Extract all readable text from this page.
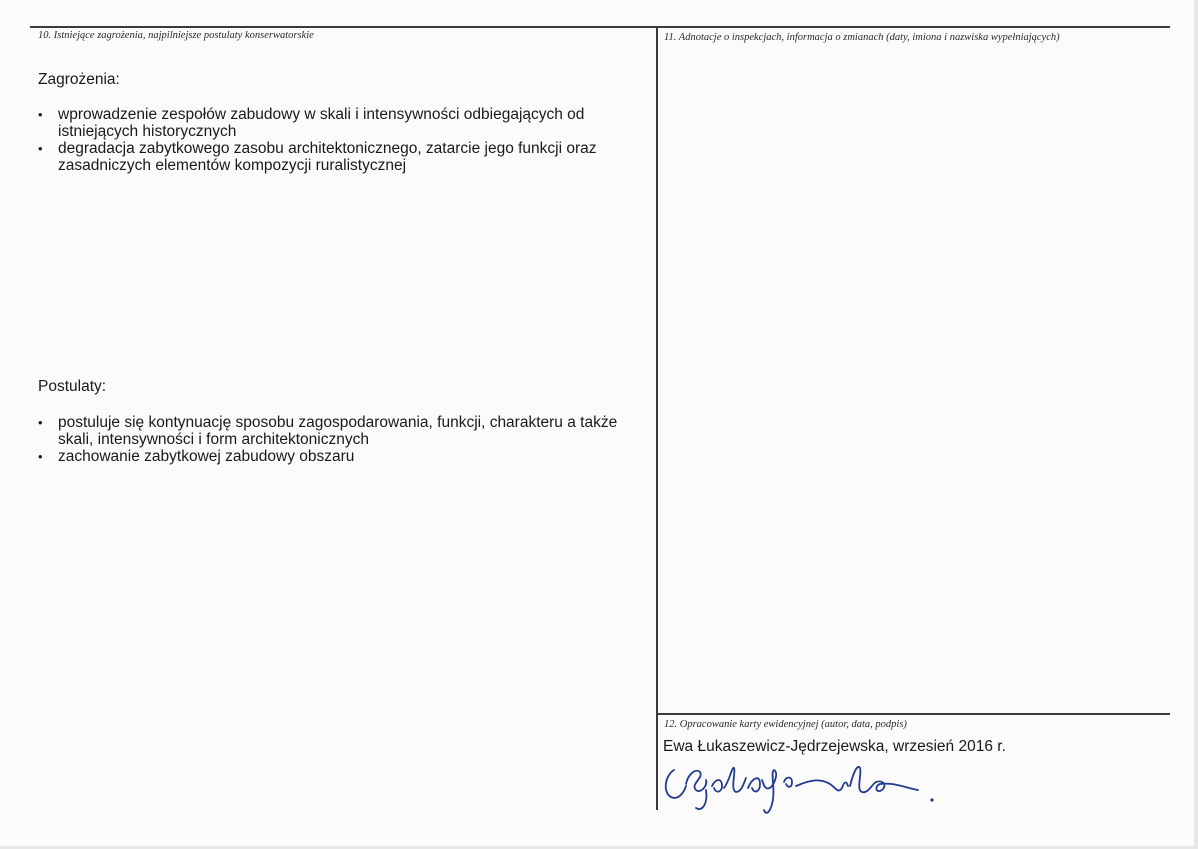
10. Istniejące zagrożenia, najpilniejsze postulaty konserwatorskie
Zagrożenia:
• wprowadzenie zespołów zabudowy w skali i intensywności odbiegających od istniejących historycznych
• degradacja zabytkowego zasobu architektonicznego, zatarcie jego funkcji oraz zasadniczych elementów kompozycji ruralistycznej
Postulaty:
• postuluje się kontynuację sposobu zagospodarowania, funkcji, charakteru a także skali, intensywności i form architektonicznych
• zachowanie zabytkowej zabudowy obszaru
11. Adnotacje o inspekcjach, informacja o zmianach (daty, imiona i nazwiska wypełniających)
12. Opracowanie karty ewidencyjnej (autor, data, podpis)
Ewa Łukaszewicz-Jędrzejewska, wrzesień 2016 r.
